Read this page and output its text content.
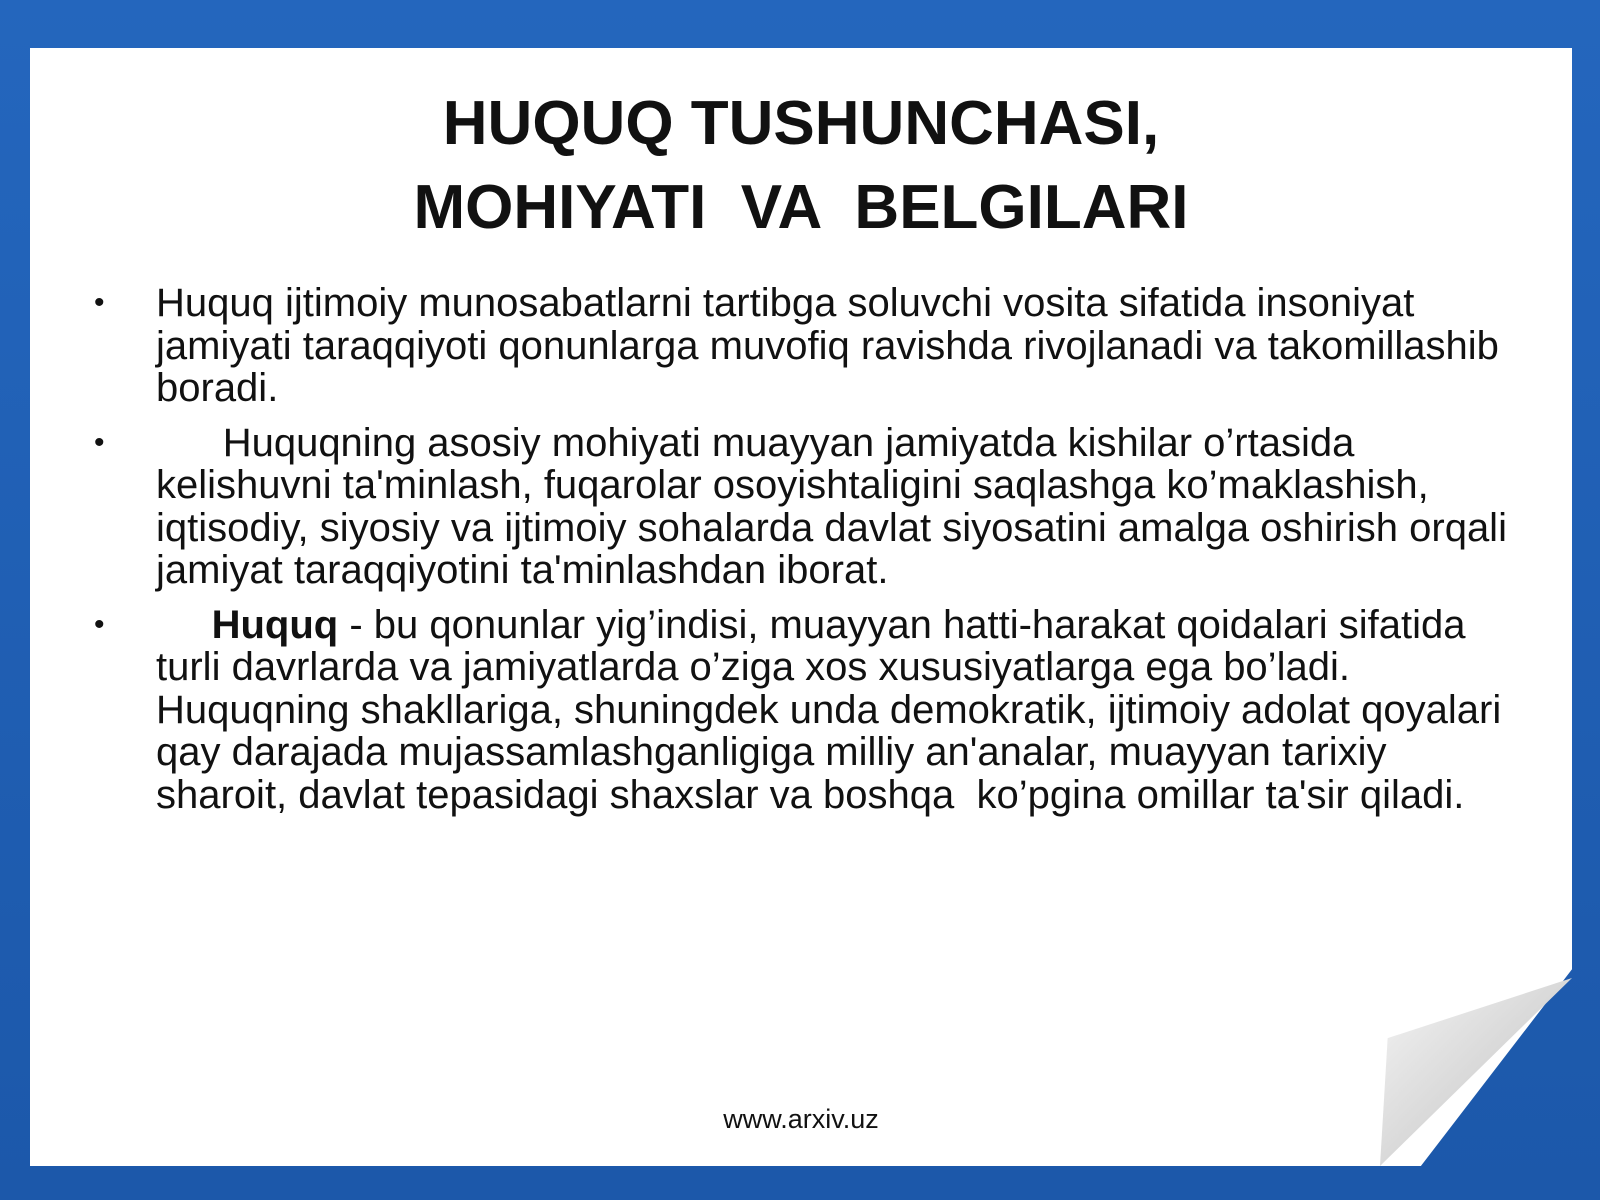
HUQUQ TUSHUNCHASI,
MOHIYATI  VA  BELGILARI
• Huquq ijtimoiy munosabatlarni tartibga soluvchi vosita sifatida insoniyat jamiyati taraqqiyoti qonunlarga muvofiq ravishda rivojlanadi va takomillashib boradi.
•	Huquqning asosiy mohiyati muayyan jamiyatda kishilar o’rtasida kelishuvni ta'minlash, fuqarolar osoyishtaligini saqlashga ko’maklashish, iqtisodiy, siyosiy va ijtimoiy sohalarda davlat siyosatini amalga oshirish orqali jamiyat taraqqiyotini ta'minlashdan iborat.
•	Huquq - bu qonunlar yig’indisi, muayyan hatti-harakat qoidalari sifatida turli davrlarda va jamiyatlarda o’ziga xos xususiyatlarga ega bo’ladi. Huquqning shakllariga, shuningdek unda demokratik, ijtimoiy adolat qoyalari qay darajada mujassamlashganligiga milliy an'analar, muayyan tarixiy sharoit, davlat tepasidagi shaxslar va boshqa  ko’pgina omillar ta'sir qiladi.
www.arxiv.uz
